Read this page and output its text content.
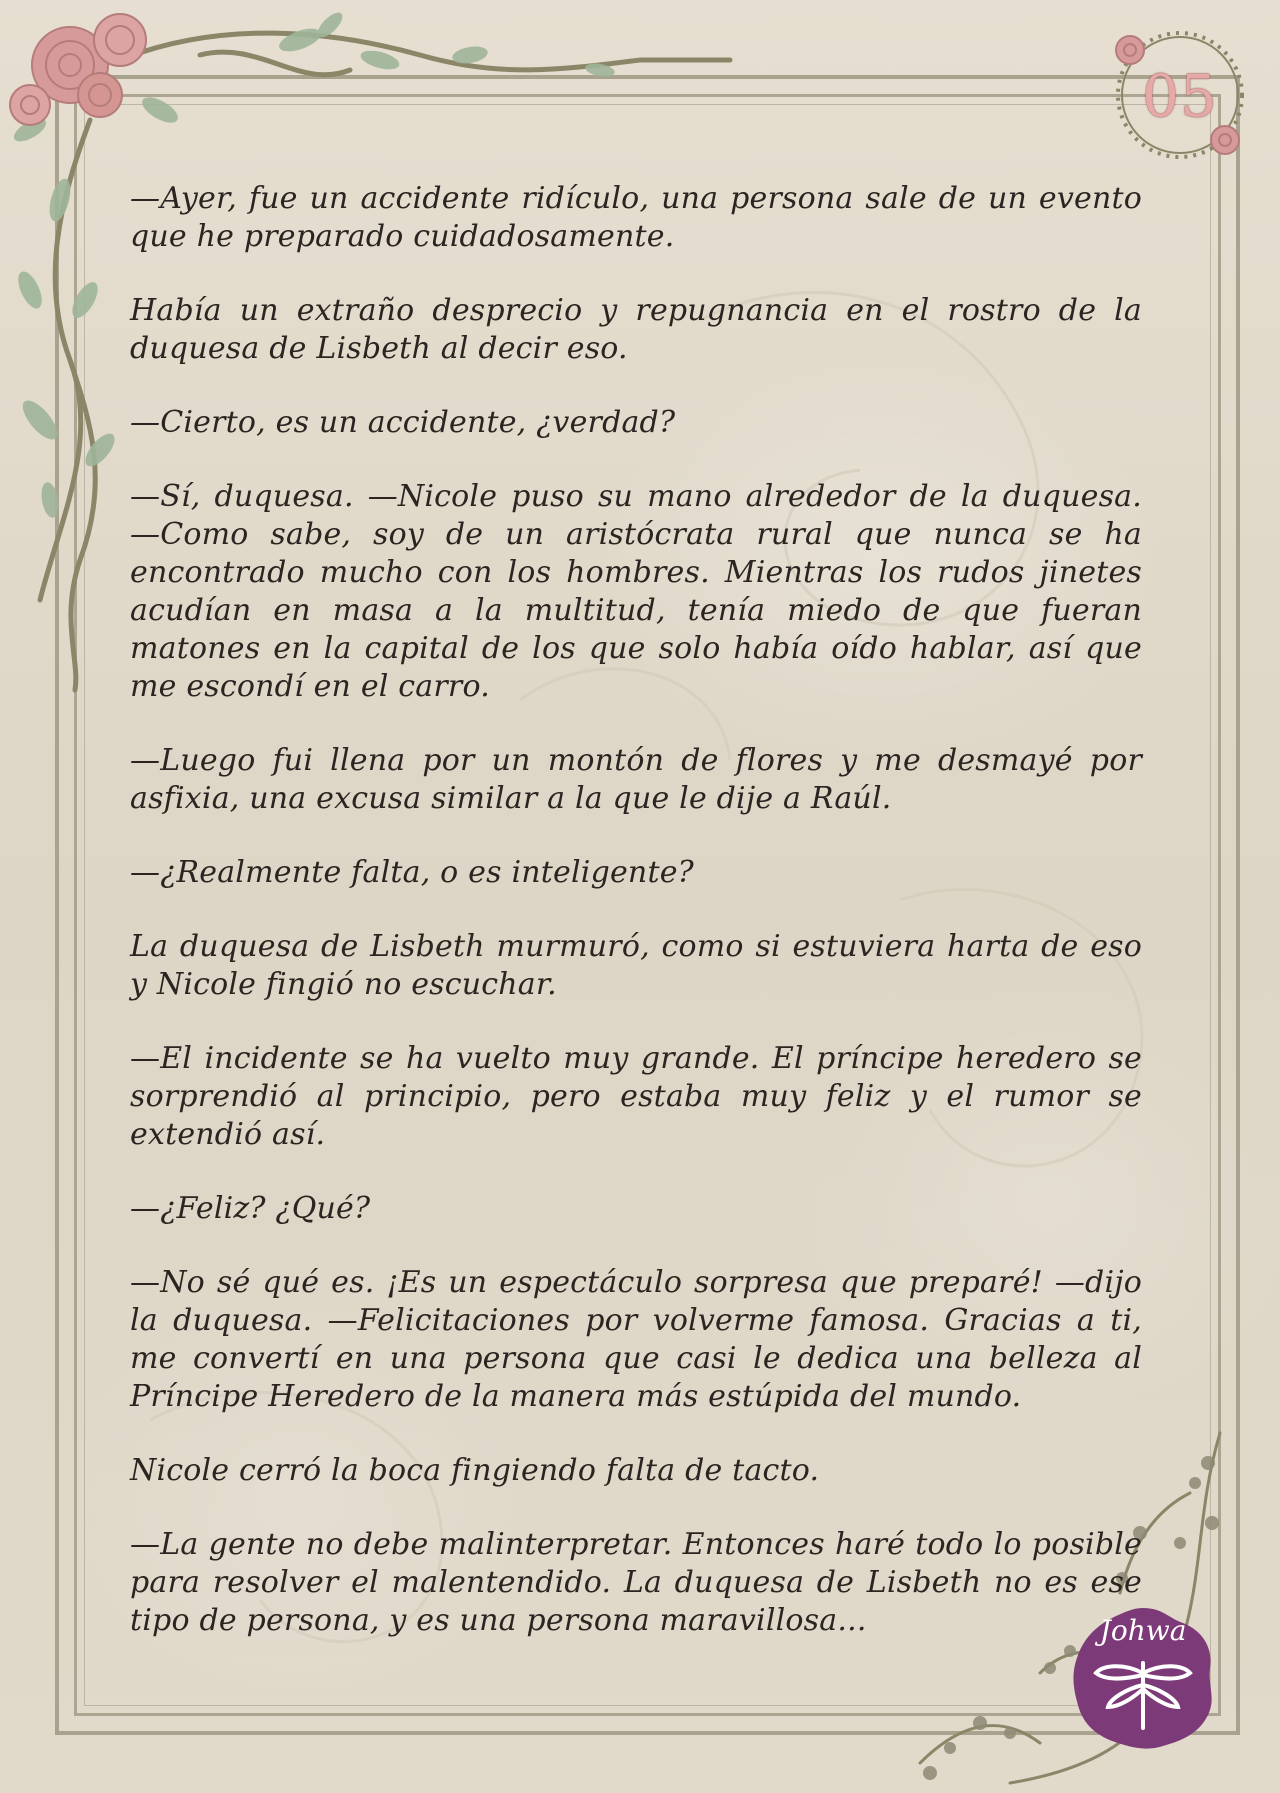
05
Johwa

—Ayer, fue un accidente ridículo, una persona sale de un evento que he preparado cuidadosamente.

Había un extraño desprecio y repugnancia en el rostro de la duquesa de Lisbeth al decir eso.

—Cierto, es un accidente, ¿verdad?

—Sí, duquesa. —Nicole puso su mano alrededor de la duquesa. —Como sabe, soy de un aristócrata rural que nunca se ha encontrado mucho con los hombres. Mientras los rudos jinetes acudían en masa a la multitud, tenía miedo de que fueran matones en la capital de los que solo había oído hablar, así que me escondí en el carro.

—Luego fui llena por un montón de flores y me desmayé por asfixia, una excusa similar a la que le dije a Raúl.

—¿Realmente falta, o es inteligente?

La duquesa de Lisbeth murmuró, como si estuviera harta de eso y Nicole fingió no escuchar.

—El incidente se ha vuelto muy grande. El príncipe heredero se sorprendió al principio, pero estaba muy feliz y el rumor se extendió así.

—¿Feliz? ¿Qué?

—No sé qué es. ¡Es un espectáculo sorpresa que preparé! —dijo la duquesa. —Felicitaciones por volverme famosa. Gracias a ti, me convertí en una persona que casi le dedica una belleza al Príncipe Heredero de la manera más estúpida del mundo.

Nicole cerró la boca fingiendo falta de tacto.

—La gente no debe malinterpretar. Entonces haré todo lo posible para resolver el malentendido. La duquesa de Lisbeth no es ese tipo de persona, y es una persona maravillosa...
